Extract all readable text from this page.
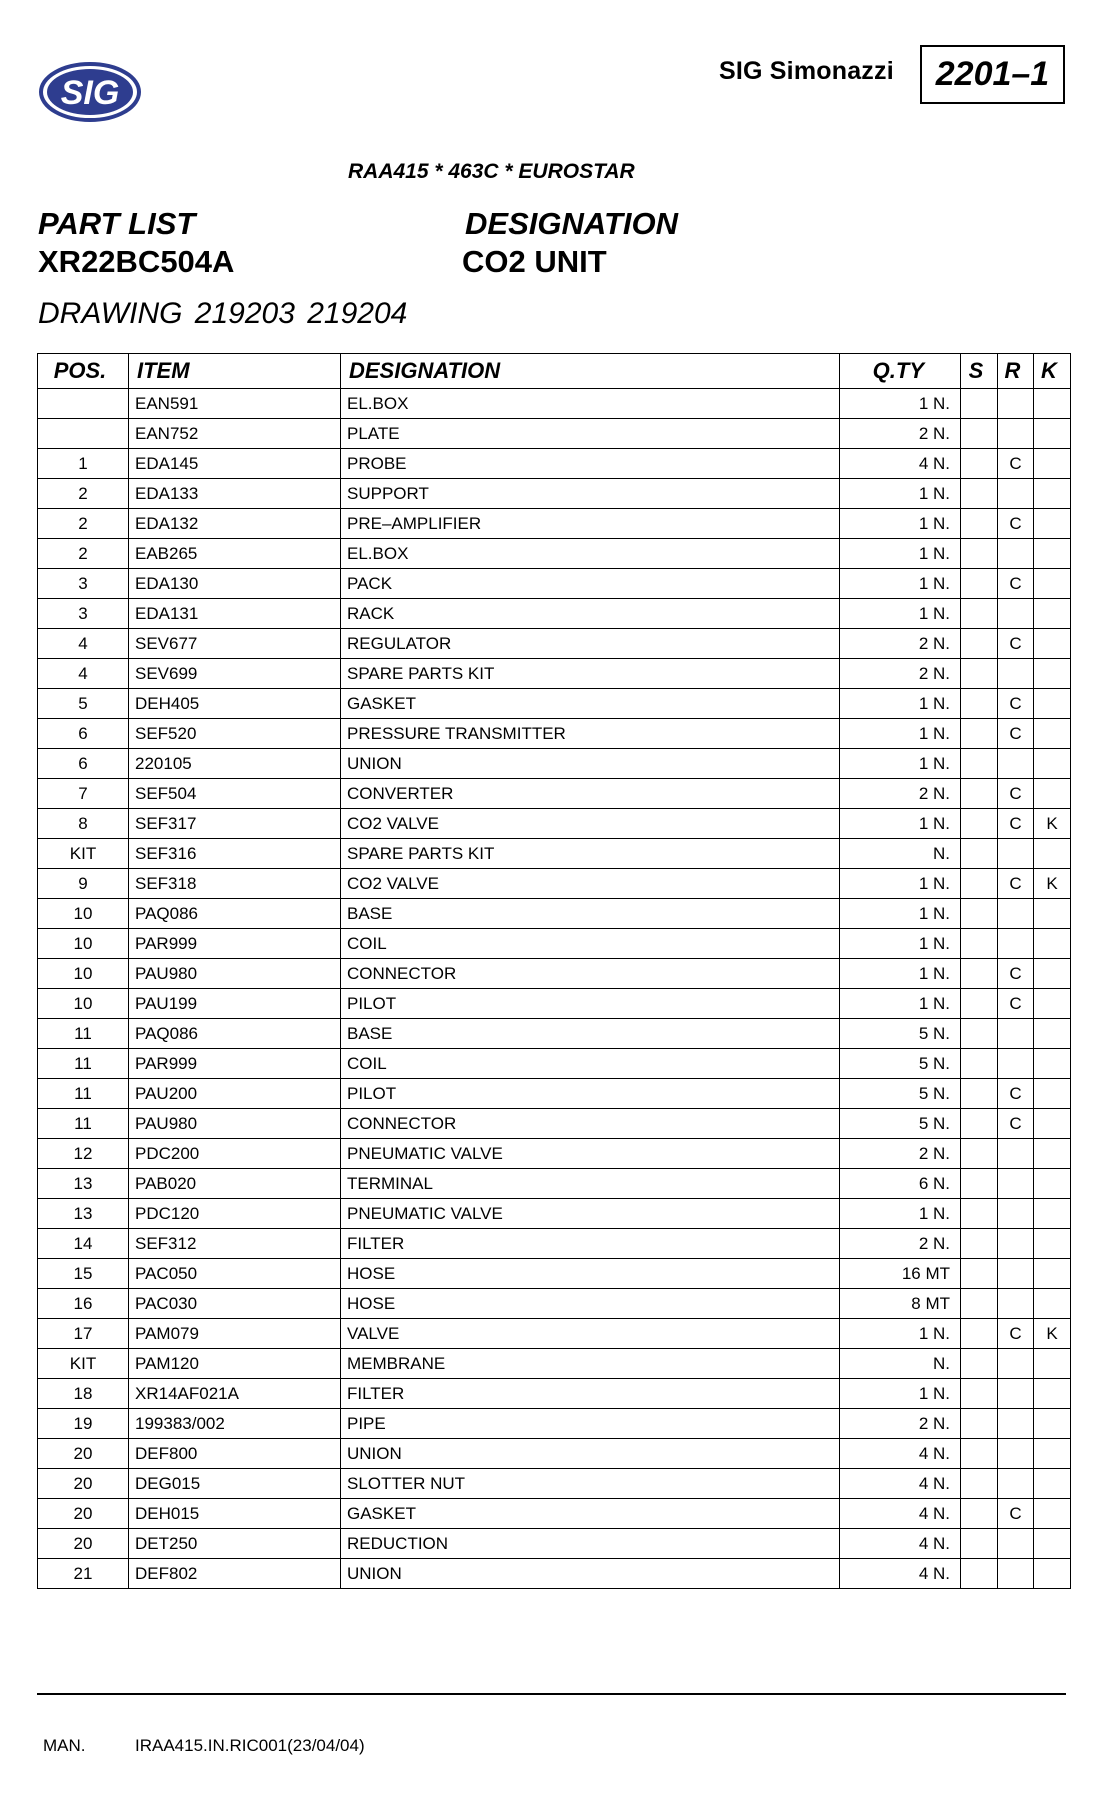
SIG
SIG Simonazzi 2201–1
RAA415 * 463C * EUROSTAR
PART LIST
XR22BC504A
DESIGNATION
CO2 UNIT
DRAWING 219203 219204
POS.	ITEM	DESIGNATION	Q.TY	S	R	K
	EAN591	EL.BOX	1 N.			
	EAN752	PLATE	2 N.			
1	EDA145	PROBE	4 N.		C	
2	EDA133	SUPPORT	1 N.			
2	EDA132	PRE–AMPLIFIER	1 N.		C	
2	EAB265	EL.BOX	1 N.			
3	EDA130	PACK	1 N.		C	
3	EDA131	RACK	1 N.			
4	SEV677	REGULATOR	2 N.		C	
4	SEV699	SPARE PARTS KIT	2 N.			
5	DEH405	GASKET	1 N.		C	
6	SEF520	PRESSURE TRANSMITTER	1 N.		C	
6	220105	UNION	1 N.			
7	SEF504	CONVERTER	2 N.		C	
8	SEF317	CO2 VALVE	1 N.		C	K
KIT	SEF316	SPARE PARTS KIT	N.			
9	SEF318	CO2 VALVE	1 N.		C	K
10	PAQ086	BASE	1 N.			
10	PAR999	COIL	1 N.			
10	PAU980	CONNECTOR	1 N.		C	
10	PAU199	PILOT	1 N.		C	
11	PAQ086	BASE	5 N.			
11	PAR999	COIL	5 N.			
11	PAU200	PILOT	5 N.		C	
11	PAU980	CONNECTOR	5 N.		C	
12	PDC200	PNEUMATIC VALVE	2 N.			
13	PAB020	TERMINAL	6 N.			
13	PDC120	PNEUMATIC VALVE	1 N.			
14	SEF312	FILTER	2 N.			
15	PAC050	HOSE	16 MT			
16	PAC030	HOSE	8 MT			
17	PAM079	VALVE	1 N.		C	K
KIT	PAM120	MEMBRANE	N.			
18	XR14AF021A	FILTER	1 N.			
19	199383/002	PIPE	2 N.			
20	DEF800	UNION	4 N.			
20	DEG015	SLOTTER NUT	4 N.			
20	DEH015	GASKET	4 N.		C	
20	DET250	REDUCTION	4 N.			
21	DEF802	UNION	4 N.			
MAN.	IRAA415.IN.RIC001(23/04/04)
